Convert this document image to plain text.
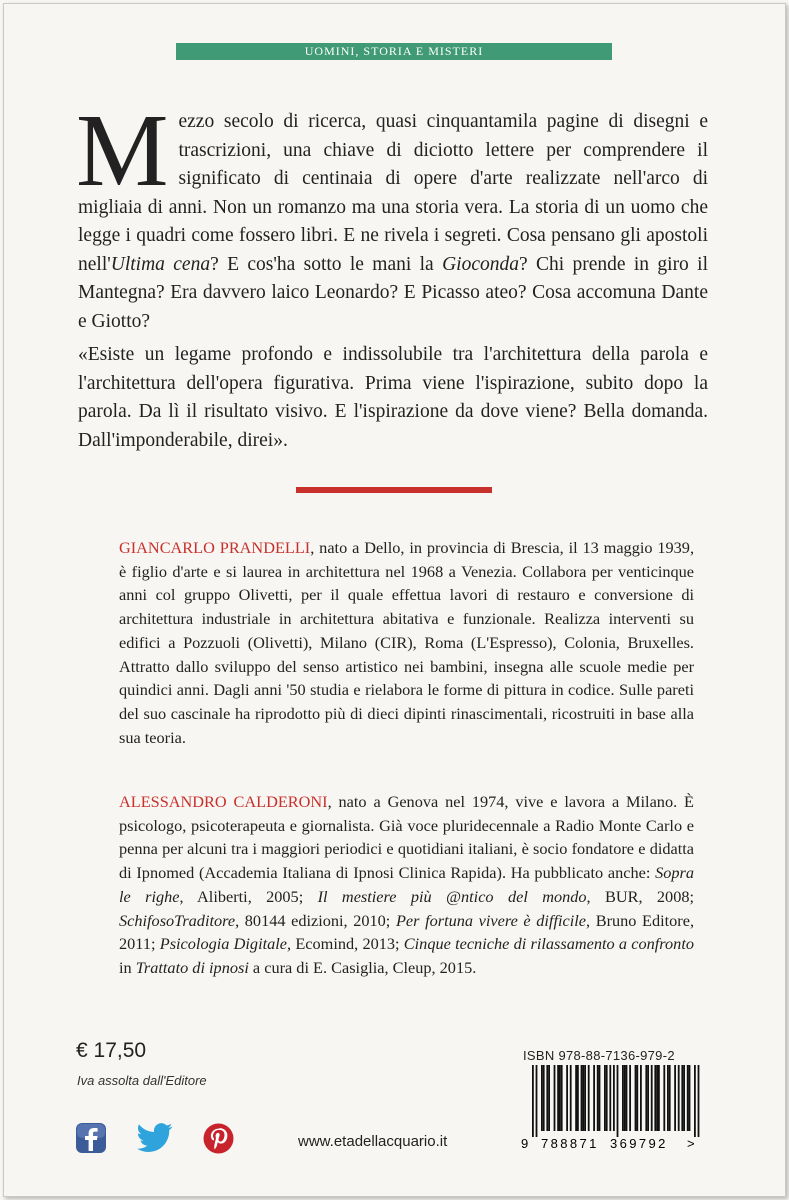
UOMINI, STORIA E MISTERI
Mezzo secolo di ricerca, quasi cinquantamila pagine di disegni e trascrizioni, una chiave di diciotto lettere per comprendere il significato di centinaia di opere d'arte realizzate nell'arco di migliaia di anni. Non un romanzo ma una storia vera. La storia di un uomo che legge i quadri come fossero libri. E ne rivela i segreti. Cosa pensano gli apostoli nell'Ultima cena? E cos'ha sotto le mani la Gioconda? Chi prende in giro il Mantegna? Era davvero laico Leonardo? E Picasso ateo? Cosa accomuna Dante e Giotto?
«Esiste un legame profondo e indissolubile tra l'architettura della parola e l'architettura dell'opera figurativa. Prima viene l'ispirazione, subito dopo la parola. Da lì il risultato visivo. E l'ispirazione da dove viene? Bella domanda. Dall'imponderabile, direi».
GIANCARLO PRANDELLI, nato a Dello, in provincia di Brescia, il 13 maggio 1939, è figlio d'arte e si laurea in architettura nel 1968 a Venezia. Collabora per venticinque anni col gruppo Olivetti, per il quale effettua lavori di restauro e conversione di architettura industriale in architettura abitativa e funzionale. Realizza interventi su edifici a Pozzuoli (Olivetti), Milano (CIR), Roma (L'Espresso), Colonia, Bruxelles. Attratto dallo sviluppo del senso artistico nei bambini, insegna alle scuole medie per quindici anni. Dagli anni '50 studia e rielabora le forme di pittura in codice. Sulle pareti del suo cascinale ha riprodotto più di dieci dipinti rinascimentali, ricostruiti in base alla sua teoria.
ALESSANDRO CALDERONI, nato a Genova nel 1974, vive e lavora a Milano. È psicologo, psicoterapeuta e giornalista. Già voce pluridecennale a Radio Monte Carlo e penna per alcuni tra i maggiori periodici e quotidiani italiani, è socio fondatore e didatta di Ipnomed (Accademia Italiana di Ipnosi Clinica Rapida). Ha pubblicato anche: Sopra le righe, Aliberti, 2005; Il mestiere più @ntico del mondo, BUR, 2008; SchifosoTraditore, 80144 edizioni, 2010; Per fortuna vivere è difficile, Bruno Editore, 2011; Psicologia Digitale, Ecomind, 2013; Cinque tecniche di rilassamento a confronto in Trattato di ipnosi a cura di E. Casiglia, Cleup, 2015.
€ 17,50
Iva assolta dall'Editore
ISBN 978-88-7136-979-2
9 788871 369792 >
www.etadellacquario.it
